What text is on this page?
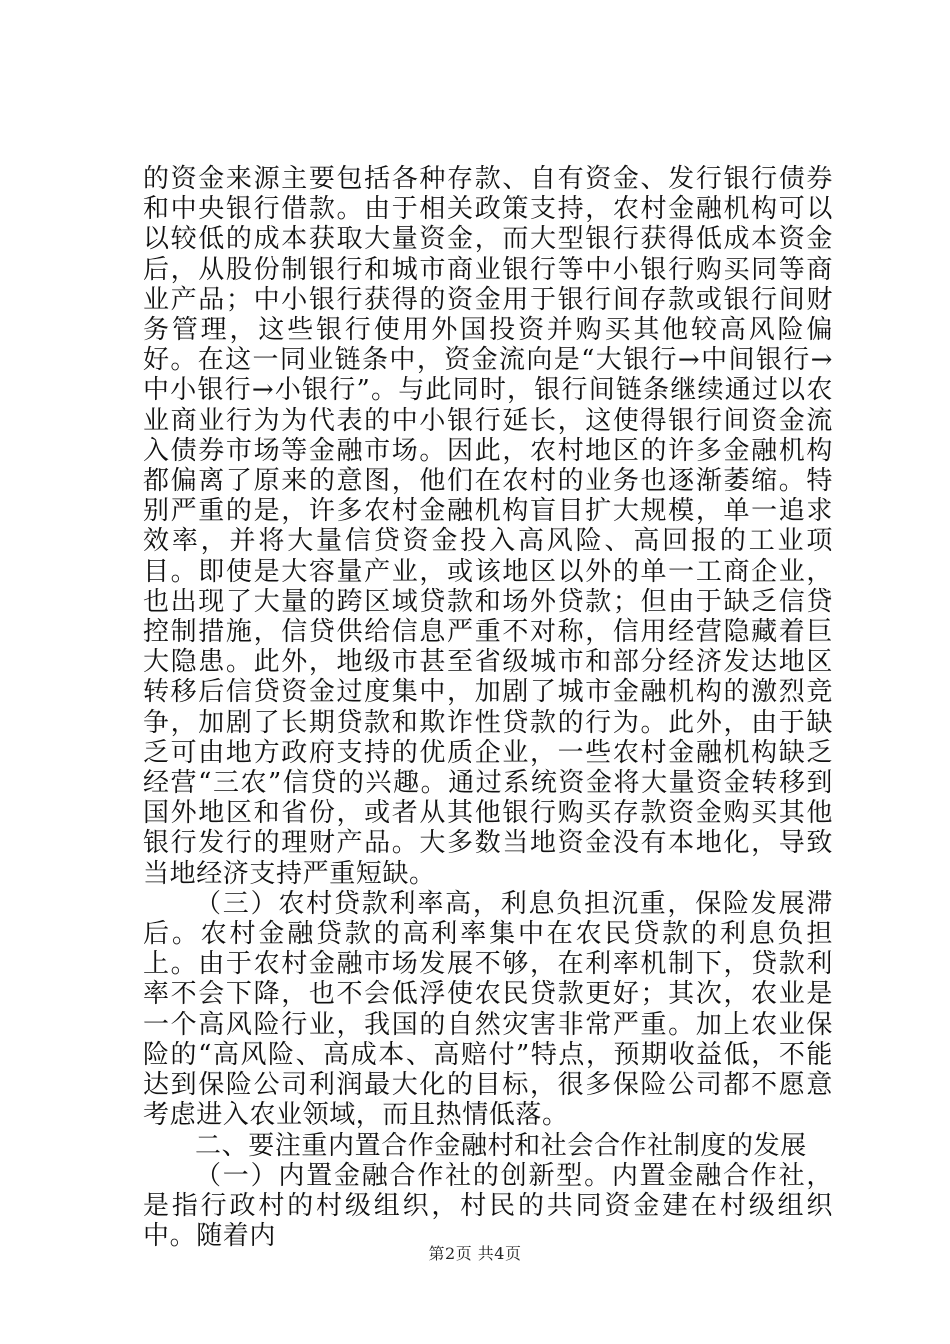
的资金来源主要包括各种存款、自有资金、发行银行债券和中央银行借款。由于相关政策支持，农村金融机构可以以较低的成本获取大量资金，而大型银行获得低成本资金后，从股份制银行和城市商业银行等中小银行购买同等商业产品；中小银行获得的资金用于银行间存款或银行间财务管理，这些银行使用外国投资并购买其他较高风险偏好。在这一同业链条中，资金流向是“大银行→中间银行→中小银行→小银行”。与此同时，银行间链条继续通过以农业商业行为为代表的中小银行延长，这使得银行间资金流入债券市场等金融市场。因此，农村地区的许多金融机构都偏离了原来的意图，他们在农村的业务也逐渐萎缩。特别严重的是，许多农村金融机构盲目扩大规模，单一追求效率，并将大量信贷资金投入高风险、高回报的工业项目。即使是大容量产业，或该地区以外的单一工商企业，也出现了大量的跨区域贷款和场外贷款；但由于缺乏信贷控制措施，信贷供给信息严重不对称，信用经营隐藏着巨大隐患。此外，地级市甚至省级城市和部分经济发达地区转移后信贷资金过度集中，加剧了城市金融机构的激烈竞争，加剧了长期贷款和欺诈性贷款的行为。此外，由于缺乏可由地方政府支持的优质企业，一些农村金融机构缺乏经营“三农”信贷的兴趣。通过系统资金将大量资金转移到国外地区和省份，或者从其他银行购买存款资金购买其他银行发行的理财产品。大多数当地资金没有本地化，导致当地经济支持严重短缺。

（三）农村贷款利率高，利息负担沉重，保险发展滞后。农村金融贷款的高利率集中在农民贷款的利息负担上。由于农村金融市场发展不够，在利率机制下，贷款利率不会下降，也不会低浮使农民贷款更好；其次，农业是一个高风险行业，我国的自然灾害非常严重。加上农业保险的“高风险、高成本、高赔付”特点，预期收益低，不能达到保险公司利润最大化的目标，很多保险公司都不愿意考虑进入农业领域，而且热情低落。

二、要注重内置合作金融村和社会合作社制度的发展

（一）内置金融合作社的创新型。内置金融合作社，是指行政村的村级组织，村民的共同资金建在村级组织中。随着内

第2页 共4页
